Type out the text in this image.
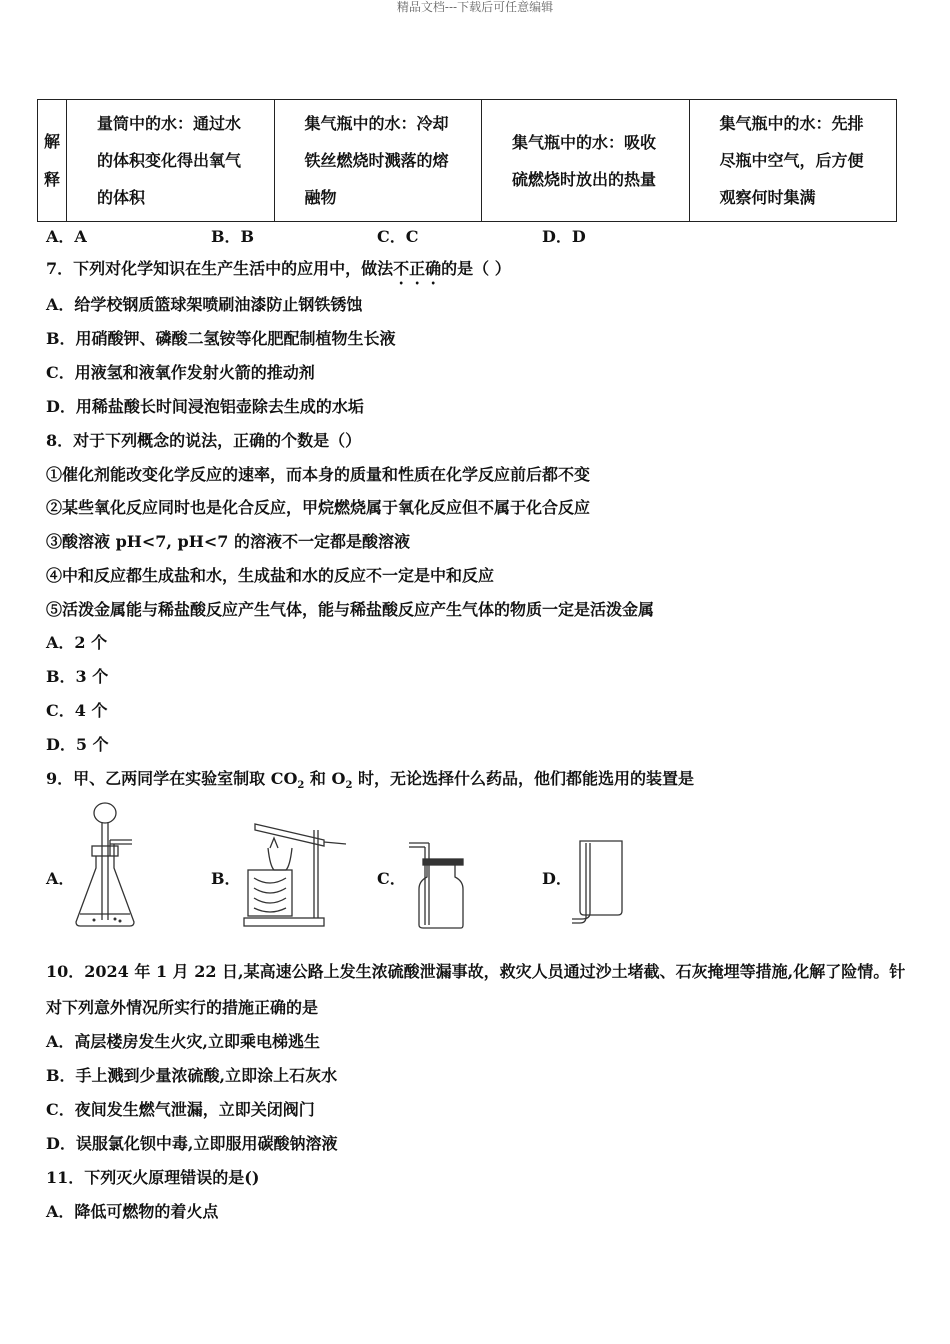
精品文档---下载后可任意编辑
解
释

量筒中的水：通过水
的体积变化得出氧气
的体积

集气瓶中的水：冷却
铁丝燃烧时溅落的熔
融物

集气瓶中的水：吸收
硫燃烧时放出的热量

集气瓶中的水：先排
尽瓶中空气，后方便
观察何时集满
A．A	B．B	C．C	D．D
7．下列对化学知识在生产生活中的应用中，做法不正确的是（ ）
A．给学校钢质篮球架喷刷油漆防止钢铁锈蚀
B．用硝酸钾、磷酸二氢铵等化肥配制植物生长液
C．用液氢和液氧作发射火箭的推动剂
D．用稀盐酸长时间浸泡铝壶除去生成的水垢
8．对于下列概念的说法，正确的个数是（）
①催化剂能改变化学反应的速率，而本身的质量和性质在化学反应前后都不变
②某些氧化反应同时也是化合反应，甲烷燃烧属于氧化反应但不属于化合反应
③酸溶液 pH<7, pH<7 的溶液不一定都是酸溶液
④中和反应都生成盐和水，生成盐和水的反应不一定是中和反应
⑤活泼金属能与稀盐酸反应产生气体，能与稀盐酸反应产生气体的物质一定是活泼金属
A．2 个
B．3 个
C．4 个
D．5 个
9．甲、乙两同学在实验室制取 $CO_2$ 和 $O_2$ 时，无论选择什么药品，他们都能选用的装置是
A．	B．	C．	D．
10．2024 年 1 月 22 日,某高速公路上发生浓硫酸泄漏事故，救灾人员通过沙土堵截、石灰掩埋等措施,化解了险情。针
对下列意外情况所实行的措施正确的是
A．高层楼房发生火灾,立即乘电梯逃生
B．手上溅到少量浓硫酸,立即涂上石灰水
C．夜间发生燃气泄漏，立即关闭阀门
D．误服氯化钡中毒,立即服用碳酸钠溶液
11．下列灭火原理错误的是()
A．降低可燃物的着火点
